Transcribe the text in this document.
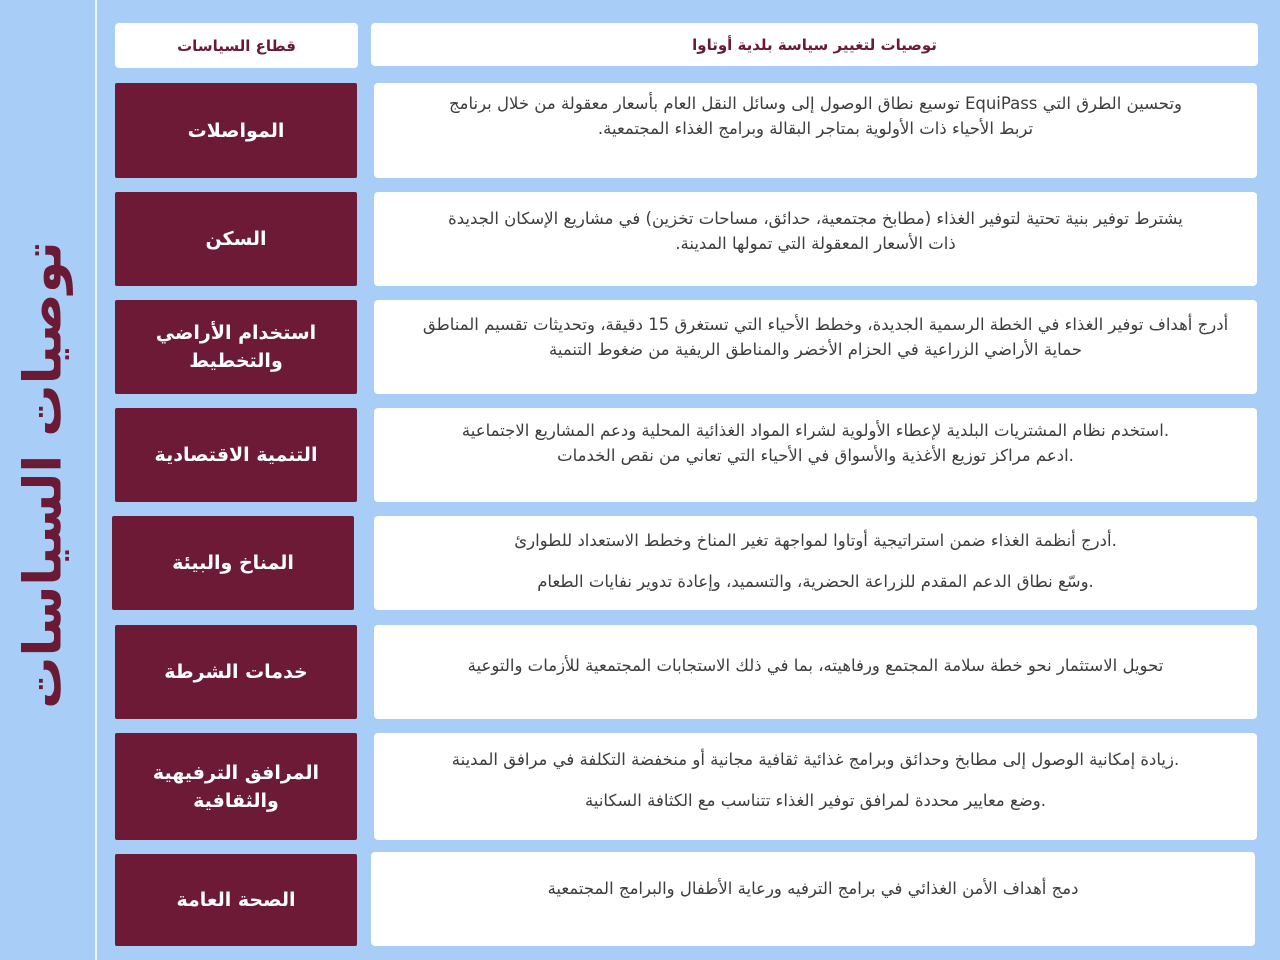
توصيات السياسات
قطاع السياسات	توصيات لتغيير سياسة بلدية أوتاوا
المواصلات

وتحسين الطرق التي EquiPass توسيع نطاق الوصول إلى وسائل النقل العام بأسعار معقولة من خلال برنامج

تربط الأحياء ذات الأولوية بمتاجر البقالة وبرامج الغذاء المجتمعية.

السكن

يشترط توفير بنية تحتية لتوفير الغذاء (مطابخ مجتمعية، حدائق، مساحات تخزين) في مشاريع الإسكان الجديدة

ذات الأسعار المعقولة التي تمولها المدينة.

استخدام الأراضي والتخطيط

أدرج أهداف توفير الغذاء في الخطة الرسمية الجديدة، وخطط الأحياء التي تستغرق 15 دقيقة، وتحديثات تقسيم المناطق

حماية الأراضي الزراعية في الحزام الأخضر والمناطق الريفية من ضغوط التنمية

التنمية الاقتصادية

.استخدم نظام المشتريات البلدية لإعطاء الأولوية لشراء المواد الغذائية المحلية ودعم المشاريع الاجتماعية

.ادعم مراكز توزيع الأغذية والأسواق في الأحياء التي تعاني من نقص الخدمات

المناخ والبيئة

.أدرج أنظمة الغذاء ضمن استراتيجية أوتاوا لمواجهة تغير المناخ وخطط الاستعداد للطوارئ

.وسّع نطاق الدعم المقدم للزراعة الحضرية، والتسميد، وإعادة تدوير نفايات الطعام

خدمات الشرطة	تحويل الاستثمار نحو خطة سلامة المجتمع ورفاهيته، بما في ذلك الاستجابات المجتمعية للأزمات والتوعية

المرافق الترفيهية والثقافية

.زيادة إمكانية الوصول إلى مطابخ وحدائق وبرامج غذائية ثقافية مجانية أو منخفضة التكلفة في مرافق المدينة

.وضع معايير محددة لمرافق توفير الغذاء تتناسب مع الكثافة السكانية

الصحة العامة

دمج أهداف الأمن الغذائي في برامج الترفيه ورعاية الأطفال والبرامج المجتمعية
